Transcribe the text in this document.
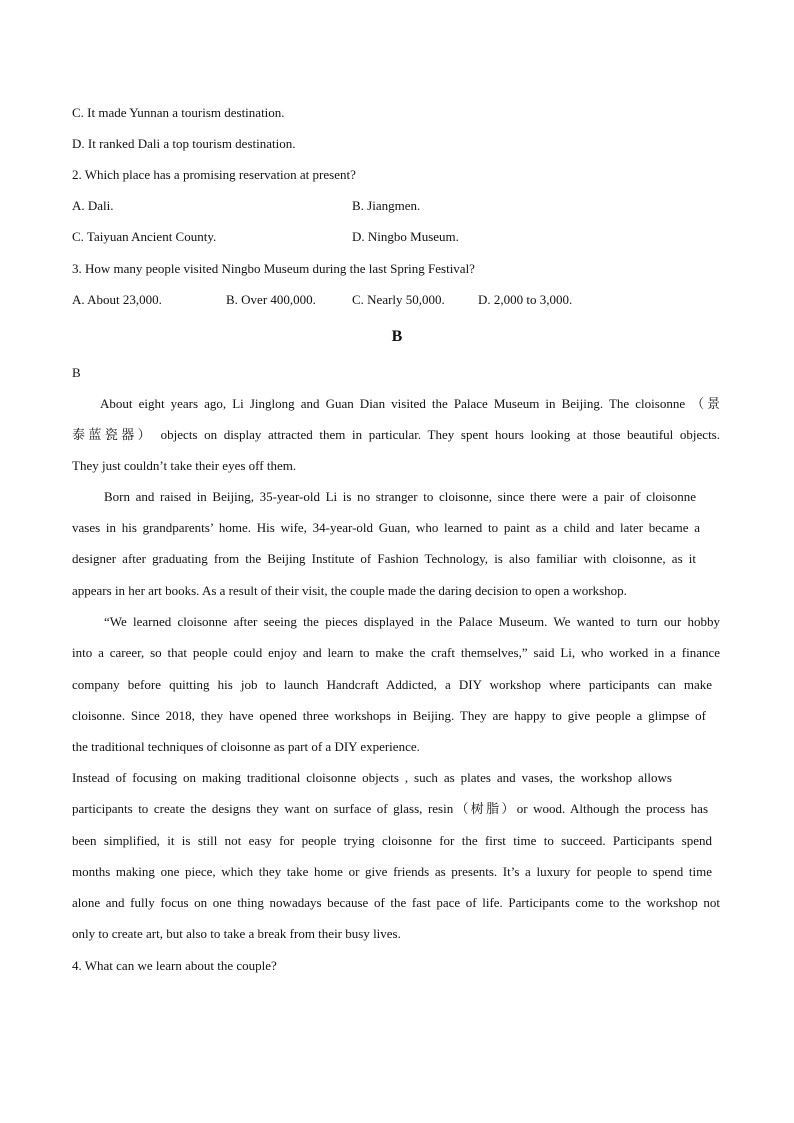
C. It made Yunnan a tourism destination.
D. It ranked Dali a top tourism destination.
2. Which place has a promising reservation at present?
A. Dali.	B. Jiangmen.
C. Taiyuan Ancient County.	D. Ningbo Museum.
3. How many people visited Ningbo Museum during the last Spring Festival?
A. About 23,000.	B. Over 400,000.	C. Nearly 50,000.	D. 2,000 to 3,000.
B
B
About eight years ago, Li Jinglong and Guan Dian visited the Palace Museum in Beijing. The cloisonne （景
泰蓝瓷器） objects on display attracted them in particular. They spent hours looking at those beautiful objects.
They just couldn’t take their eyes off them.
Born and raised in Beijing, 35-year-old Li is no stranger to cloisonne, since there were a pair of cloisonne
vases in his grandparents’ home. His wife, 34-year-old Guan, who learned to paint as a child and later became a
designer after graduating from the Beijing Institute of Fashion Technology, is also familiar with cloisonne, as it
appears in her art books. As a result of their visit, the couple made the daring decision to open a workshop.
“We learned cloisonne after seeing the pieces displayed in the Palace Museum. We wanted to turn our hobby
into a career, so that people could enjoy and learn to make the craft themselves,” said Li, who worked in a finance
company before quitting his job to launch Handcraft Addicted, a DIY workshop where participants can make
cloisonne. Since 2018, they have opened three workshops in Beijing. They are happy to give people a glimpse of
the traditional techniques of cloisonne as part of a DIY experience.
Instead of focusing on making traditional cloisonne objects , such as plates and vases, the workshop allows
participants to create the designs they want on surface of glass, resin（树脂）or wood. Although the process has
been simplified, it is still not easy for people trying cloisonne for the first time to succeed. Participants spend
months making one piece, which they take home or give friends as presents. It’s a luxury for people to spend time
alone and fully focus on one thing nowadays because of the fast pace of life. Participants come to the workshop not
only to create art, but also to take a break from their busy lives.
4. What can we learn about the couple?
